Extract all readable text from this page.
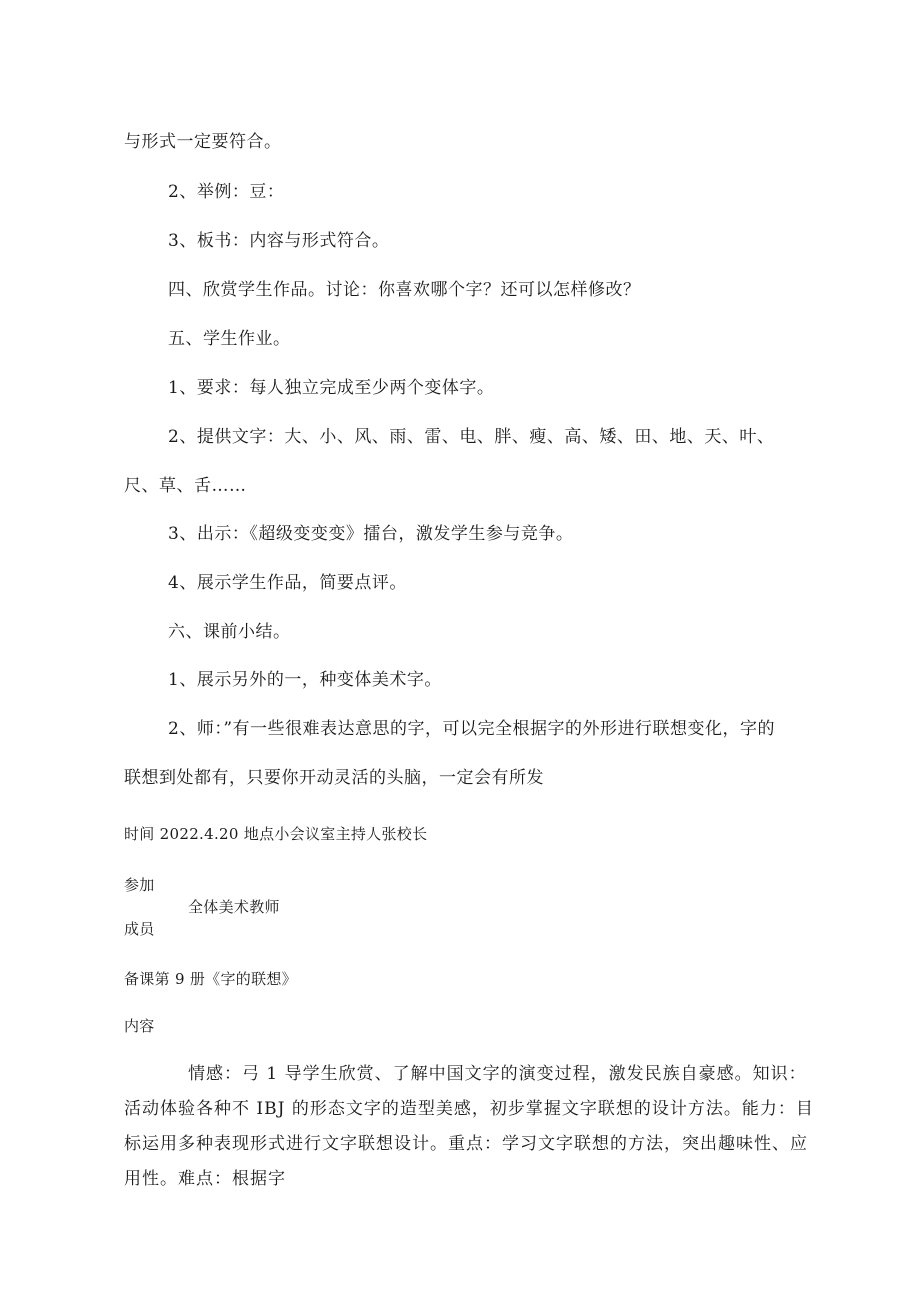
与形式一定要符合。
2、举例：豆：
3、板书：内容与形式符合。
四、欣赏学生作品。讨论：你喜欢哪个字？还可以怎样修改？
五、学生作业。
1、要求：每人独立完成至少两个变体字。
2、提供文字：大、小、风、雨、雷、电、胖、瘦、高、矮、田、地、天、叶、
尺、草、舌……
3、出示：《超级变变变》擂台，激发学生参与竞争。
4、展示学生作品，简要点评。
六、课前小结。
1、展示另外的一，种变体美术字。
2、师：”有一些很难表达意思的字，可以完全根据字的外形进行联想变化，字的
联想到处都有，只要你开动灵活的头脑，一定会有所发
时间 2022.4.20 地点小会议室主持人张校长
参加
全体美术教师
成员
备课第 9 册《字的联想》
内容
情感：弓 1 导学生欣赏、了解中国文字的演变过程，激发民族自豪感。知识：活动体验各种不 IBJ 的形态文字的造型美感，初步掌握文字联想的设计方法。能力：目标运用多种表现形式进行文字联想设计。重点：学习文字联想的方法，突出趣味性、应用性。难点：根据字
